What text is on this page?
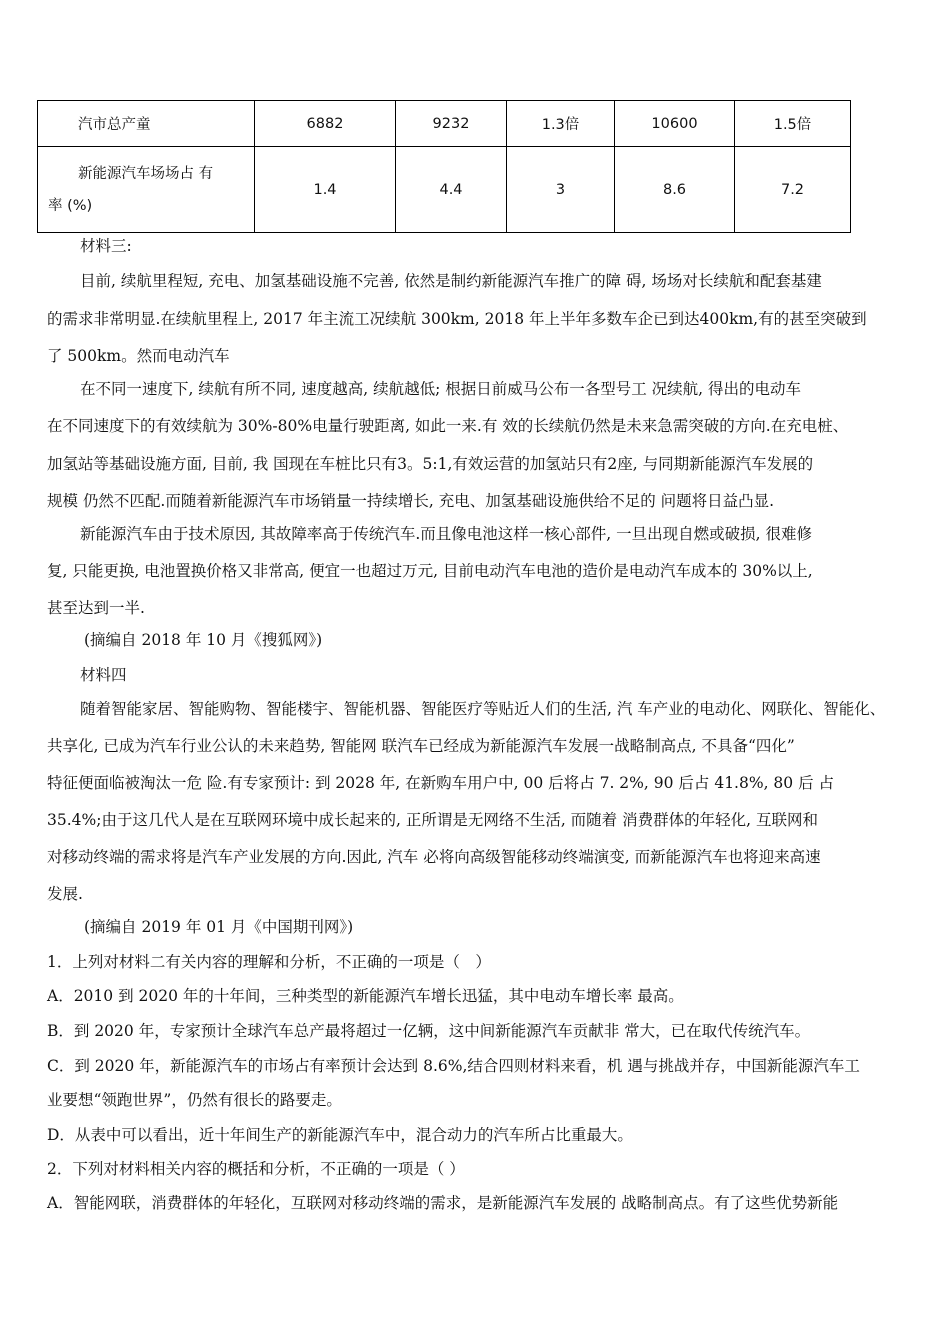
汽市总产童	6882	9232	1.3倍	10600	1.5倍

新能源汽车场场占 有
率 (%)	1.4	4.4	3	8.6	7.2
材料三:
目前, 续航里程短, 充电、加氢基础设施不完善, 依然是制约新能源汽车推广的障 碍, 场场对长续航和配套基建
的需求非常明显.在续航里程上, 2017 年主流工况续航 300km, 2018 年上半年多数车企已到达400km,有的甚至突破到
了 500km。然而电动汽车
在不同一速度下, 续航有所不同, 速度越高, 续航越低; 根据日前威马公布一各型号工 况续航, 得出的电动车
在不同速度下的有效续航为 30%-80%电量行驶距离, 如此一来.有 效的长续航仍然是未来急需突破的方向.在充电桩、
加氢站等基础设施方面, 目前, 我 国现在车桩比只有3。5:1,有效运营的加氢站只有2座, 与同期新能源汽车发展的
规模 仍然不匹配.而随着新能源汽车市场销量一持续增长, 充电、加氢基础设施供给不足的 问题将日益凸显.
新能源汽车由于技术原因, 其故障率高于传统汽车.而且像电池这样一核心部件, 一旦出现自燃或破损, 很难修
复, 只能更换, 电池置换价格又非常高, 便宜一也超过万元, 目前电动汽车电池的造价是电动汽车成本的 30%以上,
甚至达到一半.
(摘编自 2018 年 10 月《搜狐网》)
材料四
随着智能家居、智能购物、智能楼宇、智能机器、智能医疗等贴近人们的生活, 汽 车产业的电动化、网联化、智能化、
共享化, 已成为汽车行业公认的未来趋势, 智能网 联汽车已经成为新能源汽车发展一战略制高点, 不具备“四化”
特征便面临被淘汰一危 险.有专家预计: 到 2028 年, 在新购车用户中, 00 后将占 7. 2%, 90 后占 41.8%, 80 后 占
35.4%;由于这几代人是在互联网环境中成长起来的, 正所谓是无网络不生活, 而随着 消费群体的年轻化, 互联网和
对移动终端的需求将是汽车产业发展的方向.因此, 汽车 必将向高级智能移动终端演变, 而新能源汽车也将迎来高速
发展.
(摘编自 2019 年 01 月《中国期刊网》)
1．上列对材料二有关内容的理解和分析，不正确的一项是（　）
A．2010 到 2020 年的十年间，三种类型的新能源汽车增长迅猛，其中电动车增长率 最高。
B．到 2020 年，专家预计全球汽车总产最将超过一亿辆，这中间新能源汽车贡献非 常大，已在取代传统汽车。
C．到 2020 年，新能源汽车的市场占有率预计会达到 8.6%,结合四则材料来看，机 遇与挑战并存，中国新能源汽车工
业要想“领跑世界”，仍然有很长的路要走。
D．从表中可以看出，近十年间生产的新能源汽车中，混合动力的汽车所占比重最大。
2．下列对材料相关内容的概括和分析，不正确的一项是（ ）
A．智能网联，消费群体的年轻化，互联网对移动终端的需求，是新能源汽车发展的 战略制高点。有了这些优势新能
